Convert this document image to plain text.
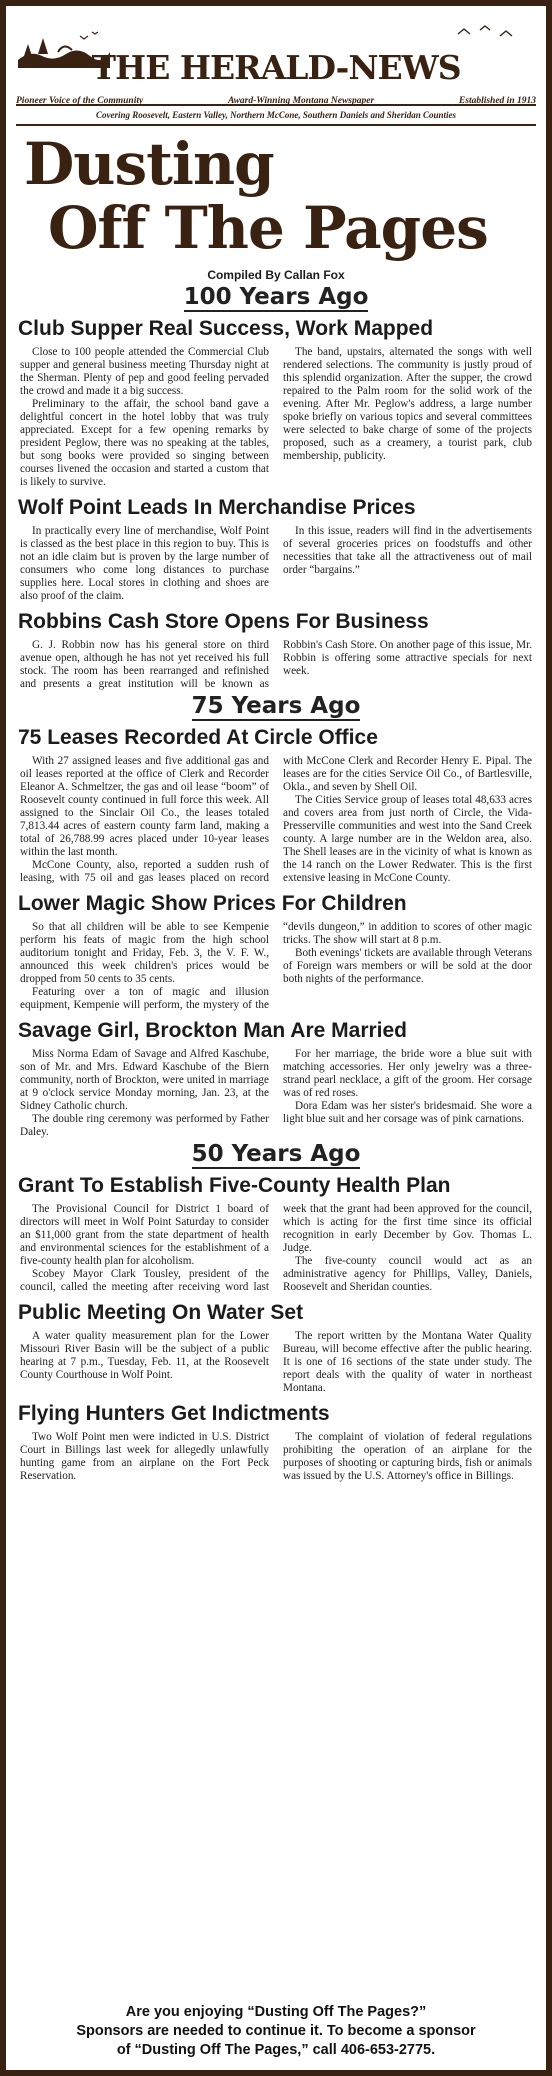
THE HERALD-NEWS
Pioneer Voice of the Community	Award-Winning Montana Newspaper	Established in 1913
Covering Roosevelt, Eastern Valley, Northern McCone, Southern Daniels and Sheridan Counties
Dusting
Off The Pages
Compiled By Callan Fox
100 Years Ago
Club Supper Real Success, Work Mapped

Close to 100 people attended the Commercial Club supper and general business meeting Thursday night at the Sherman. Plenty of pep and good feeling pervaded the crowd and made it a big success.

Preliminary to the affair, the school band gave a delightful concert in the hotel lobby that was truly appreciated. Except for a few opening remarks by president Peglow, there was no speaking at the tables, but song books were provided so singing between courses livened the occasion and started a custom that is likely to survive.

The band, upstairs, alternated the songs with well rendered selections. The community is justly proud of this splendid organization. After the supper, the crowd repaired to the Palm room for the solid work of the evening. After Mr. Peglow's address, a large number spoke briefly on various topics and several committees were selected to bake charge of some of the projects proposed, such as a creamery, a tourist park, club membership, publicity.

Wolf Point Leads In Merchandise Prices

In practically every line of merchandise, Wolf Point is classed as the best place in this region to buy. This is not an idle claim but is proven by the large number of consumers who come long distances to purchase supplies here. Local stores in clothing and shoes are also proof of the claim.

In this issue, readers will find in the advertisements of several groceries prices on foodstuffs and other necessities that take all the attractiveness out of mail order “bargains.”

Robbins Cash Store Opens For Business

G. J. Robbin now has his general store on third avenue open, although he has not yet received his full stock. The room has been rearranged and refinished and presents a great institution will be known as Robbin's Cash Store. On another page of this issue, Mr. Robbin is offering some attractive specials for next week.

75 Years Ago
75 Leases Recorded At Circle Office

With 27 assigned leases and five additional gas and oil leases reported at the office of Clerk and Recorder Eleanor A. Schmeltzer, the gas and oil lease “boom” of Roosevelt county continued in full force this week. All assigned to the Sinclair Oil Co., the leases totaled 7,813.44 acres of eastern county farm land, making a total of 26,788.99 acres placed under 10-year leases within the last month.

McCone County, also, reported a sudden rush of leasing, with 75 oil and gas leases placed on record with McCone Clerk and Recorder Henry E. Pipal. The leases are for the cities Service Oil Co., of Bartlesville, Okla., and seven by Shell Oil.

The Cities Service group of leases total 48,633 acres and covers area from just north of Circle, the Vida-Presserville communities and west into the Sand Creek county. A large number are in the Weldon area, also. The Shell leases are in the vicinity of what is known as the 14 ranch on the Lower Redwater. This is the first extensive leasing in McCone County.

Lower Magic Show Prices For Children

So that all children will be able to see Kempenie perform his feats of magic from the high school auditorium tonight and Friday, Feb. 3, the V. F. W., announced this week children's prices would be dropped from 50 cents to 35 cents.

Featuring over a ton of magic and illusion equipment, Kempenie will perform, the mystery of the “devils dungeon,” in addition to scores of other magic tricks. The show will start at 8 p.m.

Both evenings' tickets are available through Veterans of Foreign wars members or will be sold at the door both nights of the performance.

Savage Girl, Brockton Man Are Married

Miss Norma Edam of Savage and Alfred Kaschube, son of Mr. and Mrs. Edward Kaschube of the Biern community, north of Brockton, were united in marriage at 9 o'clock service Monday morning, Jan. 23, at the Sidney Catholic church.

The double ring ceremony was performed by Father Daley.

For her marriage, the bride wore a blue suit with matching accessories. Her only jewelry was a three-strand pearl necklace, a gift of the groom. Her corsage was of red roses.

Dora Edam was her sister's bridesmaid. She wore a light blue suit and her corsage was of pink carnations.

50 Years Ago
Grant To Establish Five-County Health Plan

The Provisional Council for District 1 board of directors will meet in Wolf Point Saturday to consider an $11,000 grant from the state department of health and environmental sciences for the establishment of a five-county health plan for alcoholism.

Scobey Mayor Clark Tousley, president of the council, called the meeting after receiving word last week that the grant had been approved for the council, which is acting for the first time since its official recognition in early December by Gov. Thomas L. Judge.

The five-county council would act as an administrative agency for Phillips, Valley, Daniels, Roosevelt and Sheridan counties.

Public Meeting On Water Set

A water quality measurement plan for the Lower Missouri River Basin will be the subject of a public hearing at 7 p.m., Tuesday, Feb. 11, at the Roosevelt County Courthouse in Wolf Point.

The report written by the Montana Water Quality Bureau, will become effective after the public hearing. It is one of 16 sections of the state under study. The report deals with the quality of water in northeast Montana.

Flying Hunters Get Indictments

Two Wolf Point men were indicted in U.S. District Court in Billings last week for allegedly unlawfully hunting game from an airplane on the Fort Peck Reservation.

The complaint of violation of federal regulations prohibiting the operation of an airplane for the purposes of shooting or capturing birds, fish or animals was issued by the U.S. Attorney's office in Billings.

Are you enjoying “Dusting Off The Pages?”
Sponsors are needed to continue it. To become a sponsor
of “Dusting Off The Pages,” call 406-653-2775.
